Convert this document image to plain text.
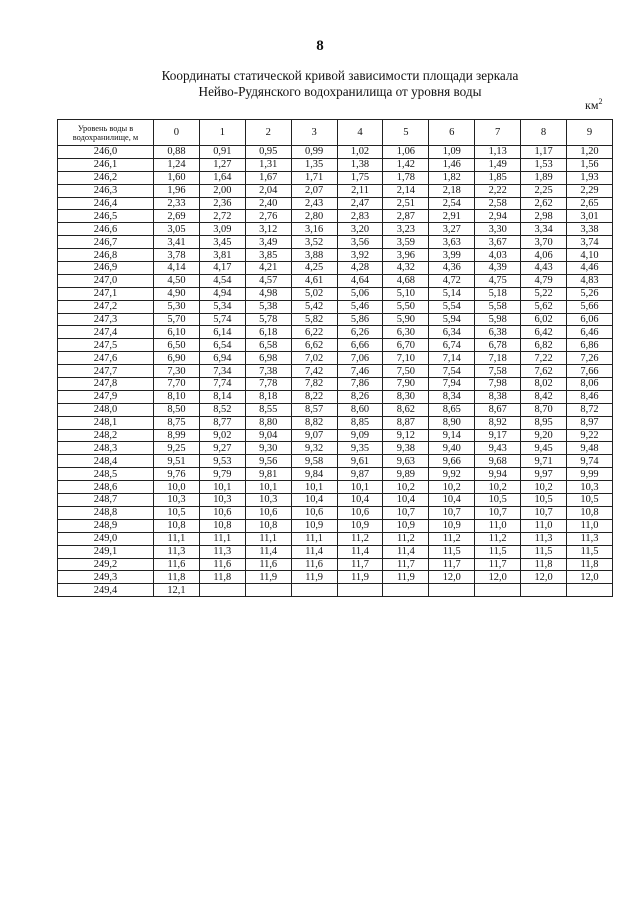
8
Координаты статической кривой зависимости площади зеркала
Нейво-Рудянского водохранилища от уровня воды
$км^2$
Уровень воды в водохранилище, м	0	1	2	3	4	5	6	7	8	9
246,0	0,88	0,91	0,95	0,99	1,02	1,06	1,09	1,13	1,17	1,20
246,1	1,24	1,27	1,31	1,35	1,38	1,42	1,46	1,49	1,53	1,56
246,2	1,60	1,64	1,67	1,71	1,75	1,78	1,82	1,85	1,89	1,93
246,3	1,96	2,00	2,04	2,07	2,11	2,14	2,18	2,22	2,25	2,29
246,4	2,33	2,36	2,40	2,43	2,47	2,51	2,54	2,58	2,62	2,65
246,5	2,69	2,72	2,76	2,80	2,83	2,87	2,91	2,94	2,98	3,01
246,6	3,05	3,09	3,12	3,16	3,20	3,23	3,27	3,30	3,34	3,38
246,7	3,41	3,45	3,49	3,52	3,56	3,59	3,63	3,67	3,70	3,74
246,8	3,78	3,81	3,85	3,88	3,92	3,96	3,99	4,03	4,06	4,10
246,9	4,14	4,17	4,21	4,25	4,28	4,32	4,36	4,39	4,43	4,46
247,0	4,50	4,54	4,57	4,61	4,64	4,68	4,72	4,75	4,79	4,83
247,1	4,90	4,94	4,98	5,02	5,06	5,10	5,14	5,18	5,22	5,26
247,2	5,30	5,34	5,38	5,42	5,46	5,50	5,54	5,58	5,62	5,66
247,3	5,70	5,74	5,78	5,82	5,86	5,90	5,94	5,98	6,02	6,06
247,4	6,10	6,14	6,18	6,22	6,26	6,30	6,34	6,38	6,42	6,46
247,5	6,50	6,54	6,58	6,62	6,66	6,70	6,74	6,78	6,82	6,86
247,6	6,90	6,94	6,98	7,02	7,06	7,10	7,14	7,18	7,22	7,26
247,7	7,30	7,34	7,38	7,42	7,46	7,50	7,54	7,58	7,62	7,66
247,8	7,70	7,74	7,78	7,82	7,86	7,90	7,94	7,98	8,02	8,06
247,9	8,10	8,14	8,18	8,22	8,26	8,30	8,34	8,38	8,42	8,46
248,0	8,50	8,52	8,55	8,57	8,60	8,62	8,65	8,67	8,70	8,72
248,1	8,75	8,77	8,80	8,82	8,85	8,87	8,90	8,92	8,95	8,97
248,2	8,99	9,02	9,04	9,07	9,09	9,12	9,14	9,17	9,20	9,22
248,3	9,25	9,27	9,30	9,32	9,35	9,38	9,40	9,43	9,45	9,48
248,4	9,51	9,53	9,56	9,58	9,61	9,63	9,66	9,68	9,71	9,74
248,5	9,76	9,79	9,81	9,84	9,87	9,89	9,92	9,94	9,97	9,99
248,6	10,0	10,1	10,1	10,1	10,1	10,2	10,2	10,2	10,2	10,3
248,7	10,3	10,3	10,3	10,4	10,4	10,4	10,4	10,5	10,5	10,5
248,8	10,5	10,6	10,6	10,6	10,6	10,7	10,7	10,7	10,7	10,8
248,9	10,8	10,8	10,8	10,9	10,9	10,9	10,9	11,0	11,0	11,0
249,0	11,1	11,1	11,1	11,1	11,2	11,2	11,2	11,2	11,3	11,3
249,1	11,3	11,3	11,4	11,4	11,4	11,4	11,5	11,5	11,5	11,5
249,2	11,6	11,6	11,6	11,6	11,7	11,7	11,7	11,7	11,8	11,8
249,3	11,8	11,8	11,9	11,9	11,9	11,9	12,0	12,0	12,0	12,0
249,4	12,1									
